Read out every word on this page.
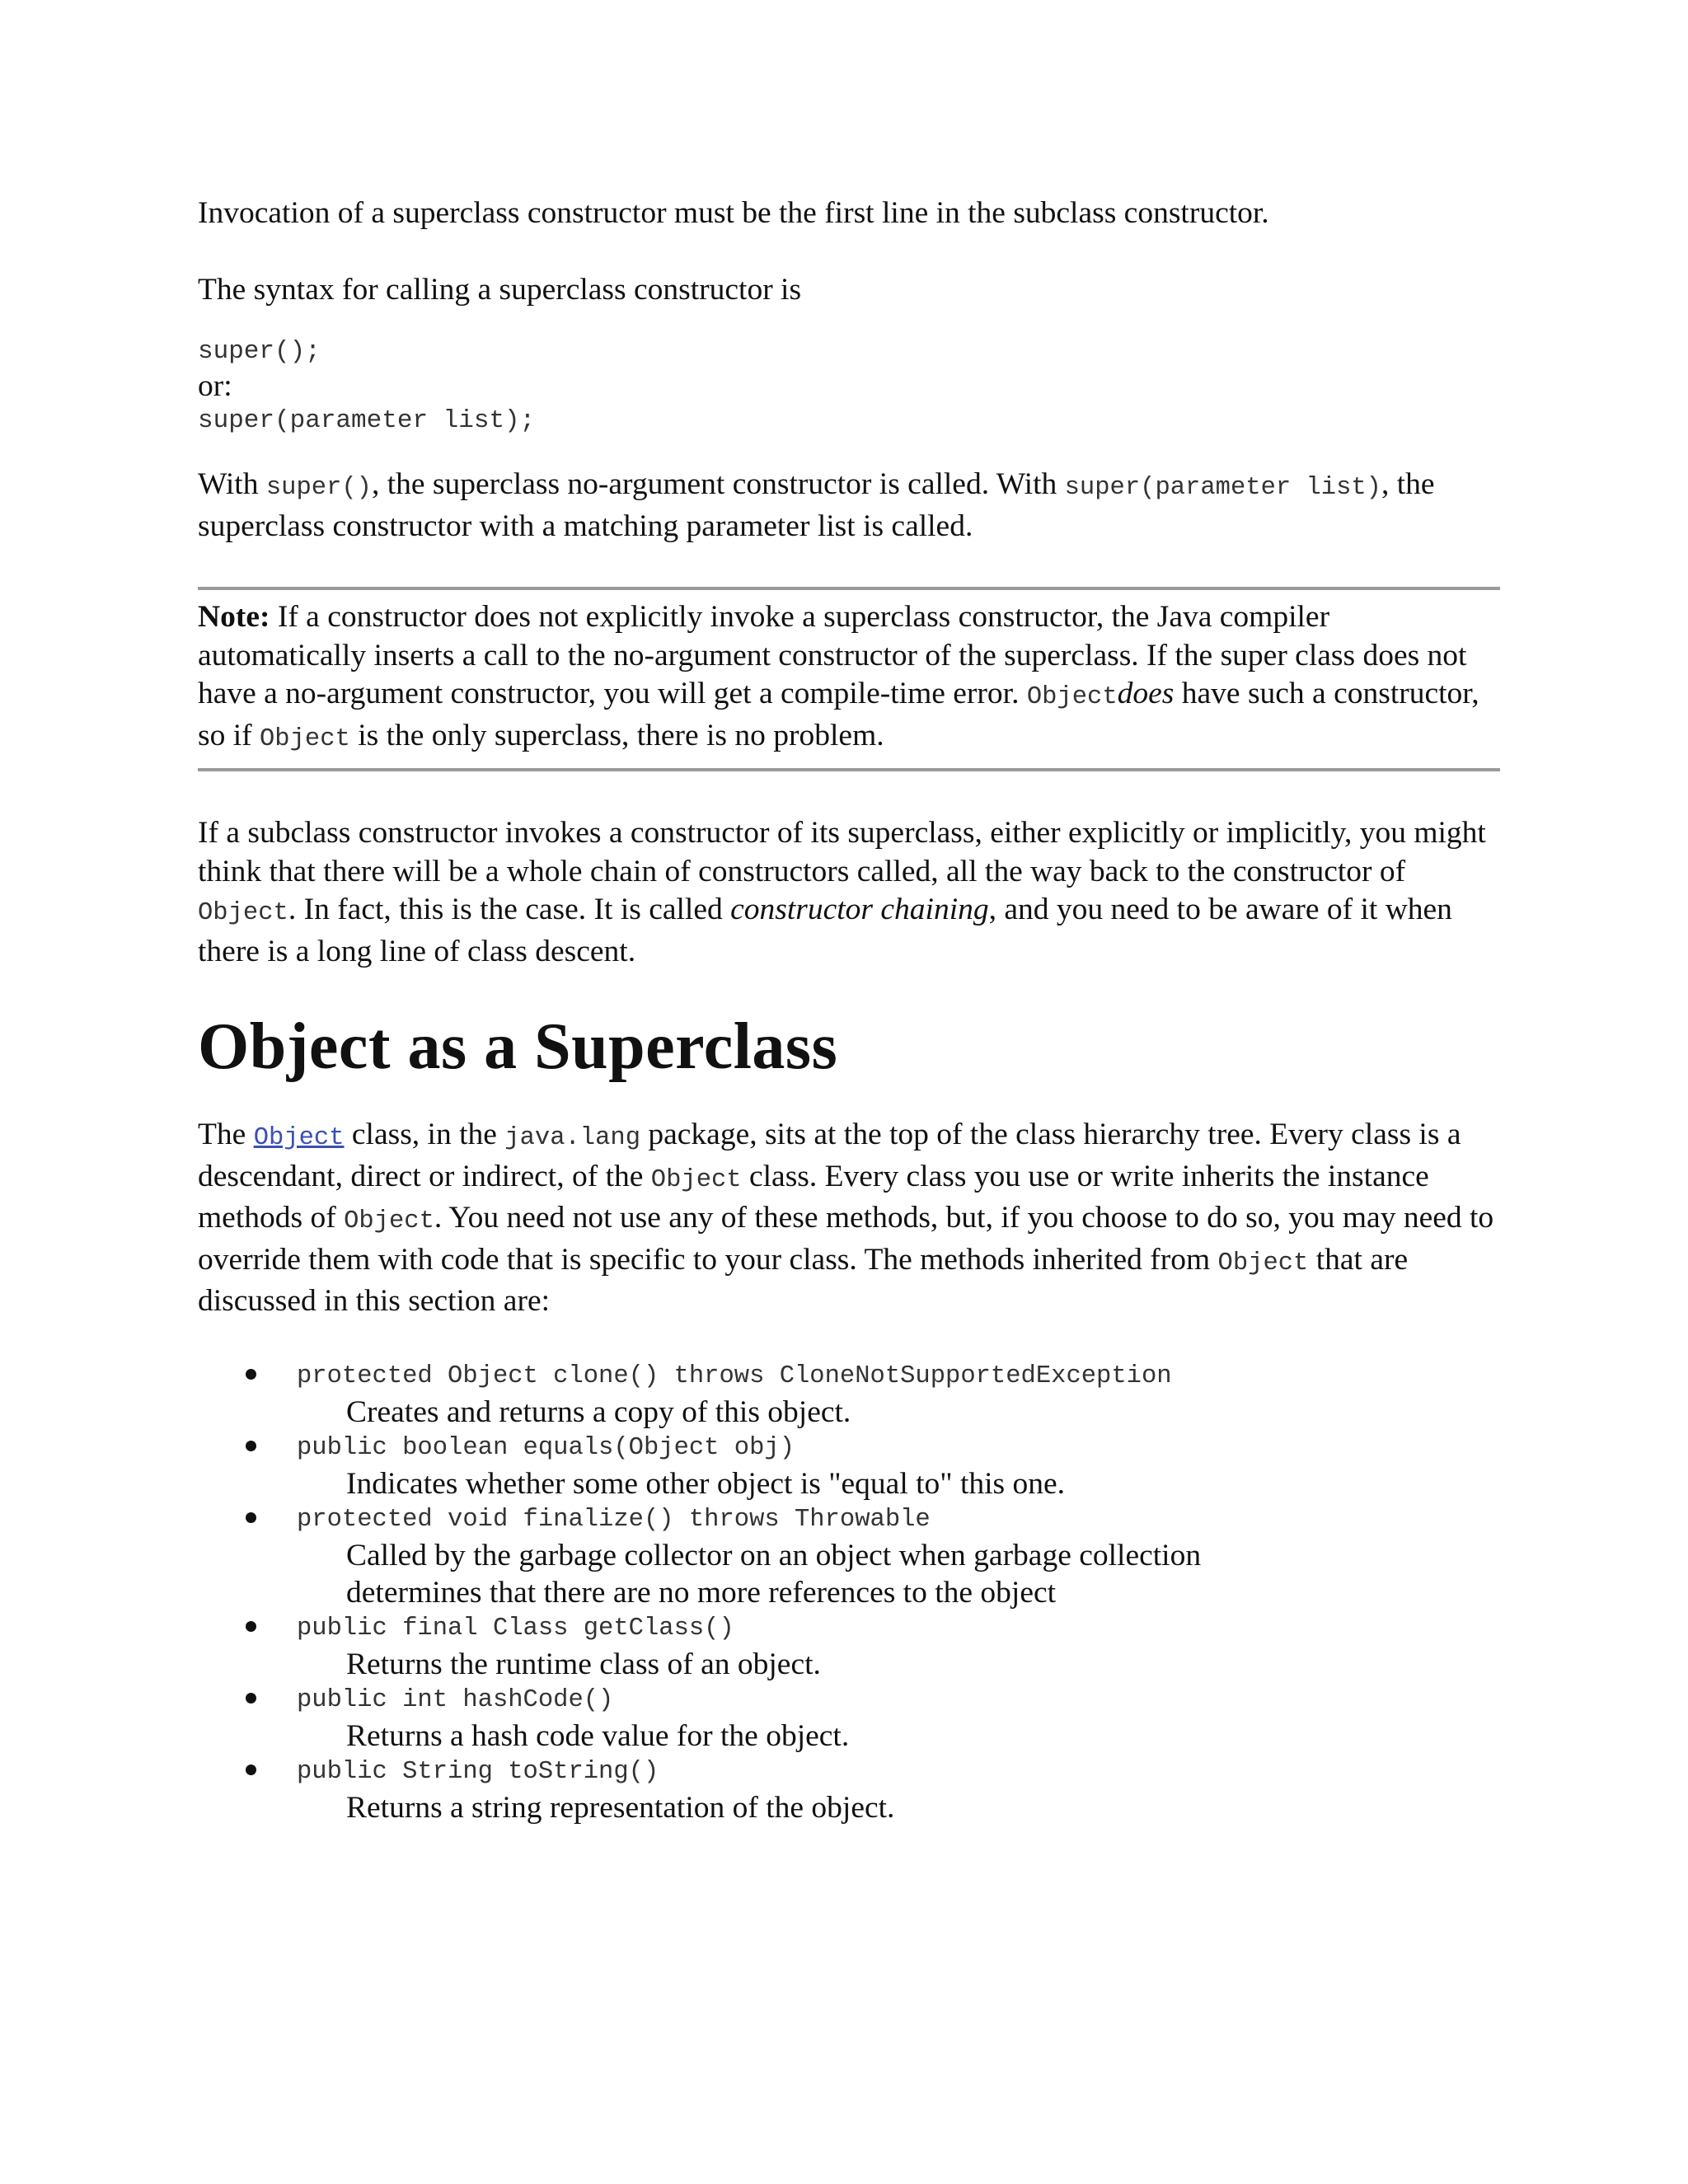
Invocation of a superclass constructor must be the first line in the subclass constructor.

The syntax for calling a superclass constructor is

super();
or:
super(parameter list);

With super(), the superclass no-argument constructor is called. With super(parameter list), the superclass constructor with a matching parameter list is called.

Note: If a constructor does not explicitly invoke a superclass constructor, the Java compiler automatically inserts a call to the no-argument constructor of the superclass. If the super class does not have a no-argument constructor, you will get a compile-time error. Objectdoes have such a constructor, so if Object is the only superclass, there is no problem.

If a subclass constructor invokes a constructor of its superclass, either explicitly or implicitly, you might think that there will be a whole chain of constructors called, all the way back to the constructor of Object. In fact, this is the case. It is called constructor chaining, and you need to be aware of it when there is a long line of class descent.

Object as a Superclass

The Object class, in the java.lang package, sits at the top of the class hierarchy tree. Every class is a descendant, direct or indirect, of the Object class. Every class you use or write inherits the instance methods of Object. You need not use any of these methods, but, if you choose to do so, you may need to override them with code that is specific to your class. The methods inherited from Object that are discussed in this section are:

protected Object clone() throws CloneNotSupportedException
Creates and returns a copy of this object.
public boolean equals(Object obj)
Indicates whether some other object is "equal to" this one.
protected void finalize() throws Throwable
Called by the garbage collector on an object when garbage collection determines that there are no more references to the object
public final Class getClass()
Returns the runtime class of an object.
public int hashCode()
Returns a hash code value for the object.
public String toString()
Returns a string representation of the object.
